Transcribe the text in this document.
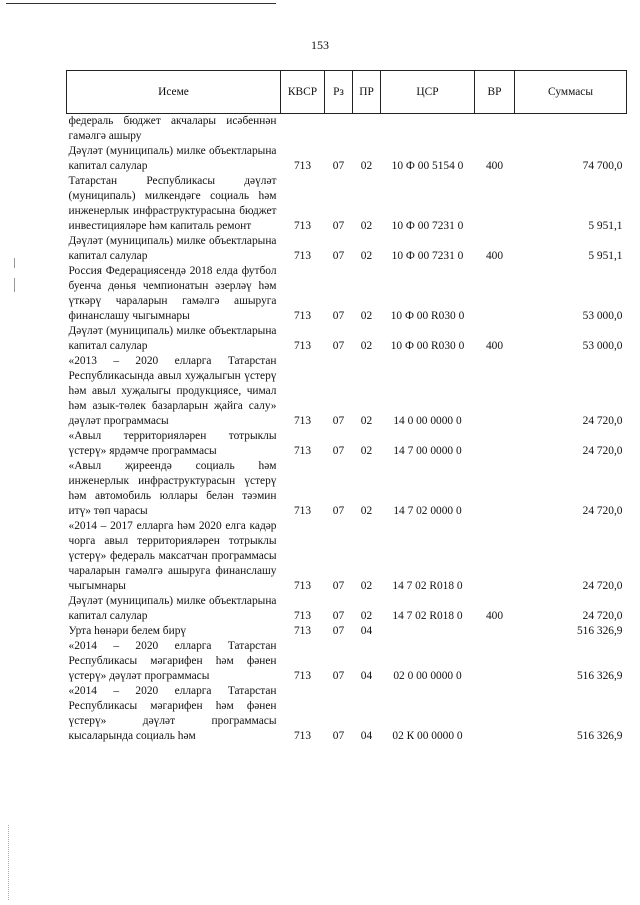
153
Исеме	КВСР	Рз	ПР	ЦСР	ВР	Суммасы
федераль бюджет акчалары исәбеннән гамәлгә ашыру						
Дәүләт (муниципаль) милке объектларына капитал салулар	713	07	02	10 Ф 00 5154 0	400	74 700,0
Татарстан Республикасы дәүләт (муниципаль) милкендәге социаль һәм инженерлык инфраструктурасына бюджет инвестицияләре һәм капиталь ремонт	713	07	02	10 Ф 00 7231 0		5 951,1
Дәүләт (муниципаль) милке объектларына капитал салулар	713	07	02	10 Ф 00 7231 0	400	5 951,1
Россия Федерациясендә 2018 елда футбол буенча дөнья чемпионатын әзерләү һәм үткәрү чараларын гамәлгә ашыруга финанслашу чыгымнары	713	07	02	10 Ф 00 R030 0		53 000,0
Дәүләт (муниципаль) милке объектларына капитал салулар	713	07	02	10 Ф 00 R030 0	400	53 000,0
«2013 – 2020 елларга Татарстан Республикасында авыл хуҗалыгын үстерү һәм авыл хуҗалыгы продукциясе, чимал һәм азык-төлек базарларын җайга салу» дәүләт программасы	713	07	02	14 0 00 0000 0		24 720,0
«Авыл территорияләрен тотрыклы үстерү» ярдәмче программасы	713	07	02	14 7 00 0000 0		24 720,0
«Авыл җиреендә социаль һәм инженерлык инфраструктурасын үстерү һәм автомобиль юллары белән тәэмин итү» төп чарасы	713	07	02	14 7 02 0000 0		24 720,0
«2014 – 2017 елларга һәм 2020 елга кадәр чорга авыл территорияләрен тотрыклы үстерү» федераль максатчан программасы чараларын гамәлгә ашыруга финанслашу чыгымнары	713	07	02	14 7 02 R018 0		24 720,0
Дәүләт (муниципаль) милке объектларына капитал салулар	713	07	02	14 7 02 R018 0	400	24 720,0
Урта һөнәри белем бирү	713	07	04			516 326,9
«2014 – 2020 елларга Татарстан Республикасы мәгарифен һәм фәнен үстерү» дәүләт программасы	713	07	04	02 0 00 0000 0		516 326,9
«2014 – 2020 елларга Татарстан Республикасы мәгарифен һәм фәнен үстерү» дәүләт программасы кысаларында социаль һәм	713	07	04	02 К 00 0000 0		516 326,9
